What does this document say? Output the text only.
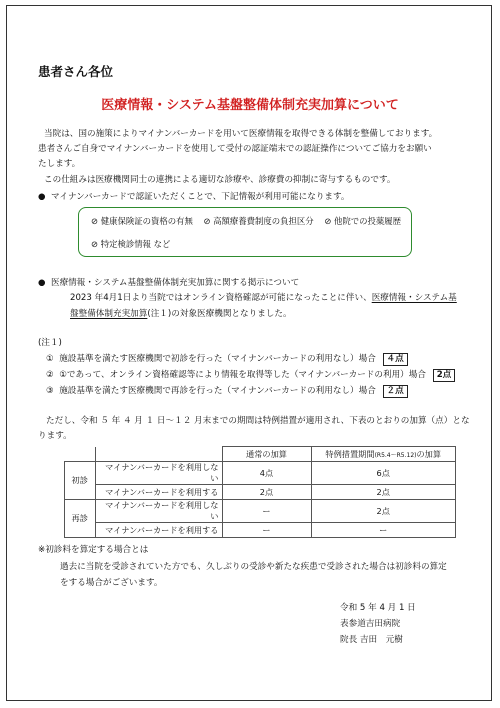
患者さん各位
医療情報・システム基盤整備体制充実加算について
当院は、国の施策によりマイナンバーカードを用いて医療情報を取得できる体制を整備しております。
患者さんご自身でマイナンバーカードを使用して受付の認証端末での認証操作についてご協力をお願い
たします。
この仕組みは医療機関同士の連携による適切な診療や、診療費の抑制に寄与するものです。
● マイナンバーカードで認証いただくことで、下記情報が利用可能になります。
⊘ 健康保険証の資格の有無 ⊘ 高額療養費制度の負担区分 ⊘ 他院での投薬履歴
⊘ 特定検診情報 など
● 医療情報・システム基盤整備体制充実加算に関する掲示について
2023 年4月1日より当院ではオンライン資格確認が可能になったことに伴い、医療情報・システム基
盤整備体制充実加算(注１)の対象医療機関となりました。
(注１)
① 施設基準を満たす医療機関で初診を行った（マイナンバーカードの利用なし）場合 ４点
② ①であって、オンライン資格確認等により情報を取得等した（マイナンバーカードの利用）場合 2点
③ 施設基準を満たす医療機関で再診を行った（マイナンバーカードの利用なし）場合 ２点
ただし、令和 ５ 年 ４ 月 １ 日～１２ 月末までの期間は特例措置が適用され、下表のとおりの加算（点）とな
ります。
		通常の加算	特例措置期間(R5.4～R5.12)の加算
初診	マイナンバーカードを利用しない	4点	6点
	マイナンバーカードを利用する	2点	2点
再診	マイナンバーカードを利用しない	ー	2点
	マイナンバーカードを利用する	ー	ー
※初診料を算定する場合とは
過去に当院を受診されていた方でも、久しぶりの受診や新たな疾患で受診された場合は初診料の算定
をする場合がございます。
令和 5 年 4 月 1 日
表参道吉田病院
院長 吉田　元樹
